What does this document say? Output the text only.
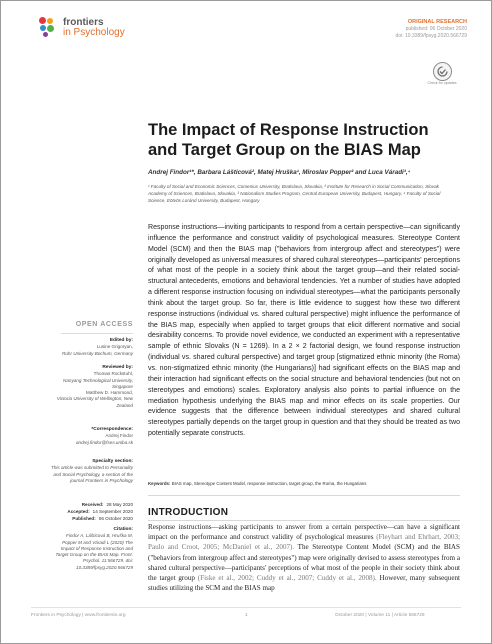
frontiers
in Psychology
ORIGINAL RESEARCH
published: 06 October 2020
doi: 10.3389/fpsyg.2020.566729
Check for updates
The Impact of Response Instruction and Target Group on the BIAS Map
Andrej Findor¹*, Barbara Lášticová², Matej Hruška¹, Miroslav Popper² and Luca Váradi³,⁴
¹ Faculty of Social and Economic Sciences, Comenius University, Bratislava, Slovakia, ² Institute for Research in Social Communication, Slovak Academy of Sciences, Bratislava, Slovakia, ³ Nationalism Studies Program, Central European University, Budapest, Hungary, ⁴ Faculty of Social Science, Eötvös Loránd University, Budapest, Hungary
Response instructions—inviting participants to respond from a certain perspective—can significantly influence the performance and construct validity of psychological measures. Stereotype Content Model (SCM) and then the BIAS map ("behaviors from intergroup affect and stereotypes") were originally developed as universal measures of shared cultural stereotypes—participants' perceptions of what most of the people in a society think about the target group—and their related social-structural antecedents, emotions and behavioral tendencies. Yet a number of studies have adopted a different response instruction focusing on individual stereotypes—what the participants personally think about the target group. So far, there is little evidence to suggest how these two different response instructions (individual vs. shared cultural perspective) might influence the performance of the BIAS map, especially when applied to target groups that elicit different normative and social desirability concerns. To provide novel evidence, we conducted an experiment with a representative sample of ethnic Slovaks (N = 1269). In a 2 × 2 factorial design, we found response instruction (individual vs. shared cultural perspective) and target group [stigmatized ethnic minority (the Roma) vs. non-stigmatized ethnic minority (the Hungarians)] had significant effects on the BIAS map and their interaction had significant effects on the social structure and behavioral tendencies (but not on stereotypes and emotions) scales. Exploratory analysis also points to partial influence on the mediation hypothesis underlying the BIAS map and minor effects on its scale properties. Our evidence suggests that the difference between individual stereotypes and shared cultural stereotypes partially depends on the target group in question and that they should be treated as two potentially separate constructs.
Keywords: BIAS map, Stereotype Content Model, response instruction, target group, the Roma, the Hungarians
OPEN ACCESS
Edited by:
Lusine Grigoryan,
Ruhr University Bochum, Germany
Reviewed by:
Thomas Rockstuhl,
Nanyang Technological University, Singapore
Matthew D. Hammond,
Victoria University of Wellington, New Zealand
*Correspondence:
Andrej Findor
andrej.findor@fses.uniba.sk
Specialty section:
This article was submitted to Personality and Social Psychology, a section of the journal Frontiers in Psychology
Received: 28 May 2020
Accepted: 14 September 2020
Published: 06 October 2020
Citation:
Findor A, Lášticová B, Hruška M, Popper M and Váradi L (2020) The Impact of Response Instruction and Target Group on the BIAS Map. Front. Psychol. 11:566729. doi: 10.3389/fpsyg.2020.566729
INTRODUCTION
Response instructions—asking participants to answer from a certain perspective—can have a significant impact on the performance and construct validity of psychological measures (Fleyhart and Ehrhart, 2003; Paulo and Croot, 2005; McDaniel et al., 2007). The Stereotype Content Model (SCM) and the BIAS ("behaviors from intergroup affect and stereotypes") map were originally devised to assess stereotypes from a shared cultural perspective—participants' perceptions of what most of the people in their society think about the target group (Fiske et al., 2002; Cuddy et al., 2007; Cuddy et al., 2008). However, many subsequent studies utilizing the SCM and the BIAS map
Frontiers in Psychology | www.frontiersin.org	1	October 2020 | Volume 11 | Article 566729
